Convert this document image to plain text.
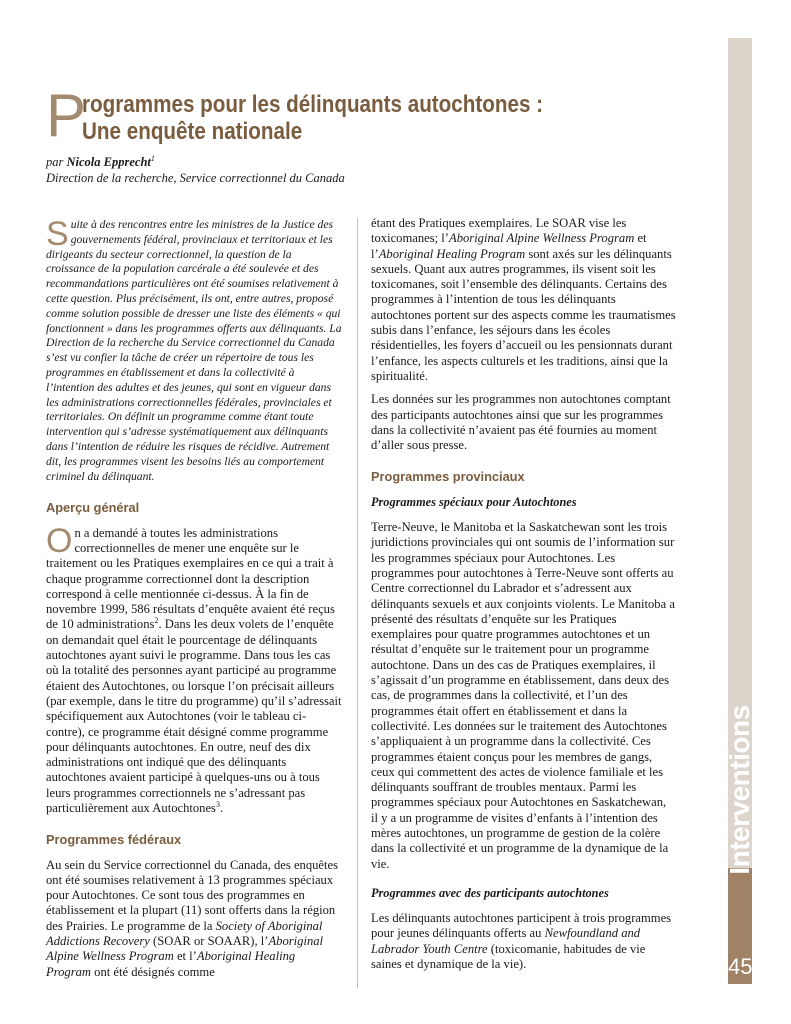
P
rogrammes pour les délinquants autochtones :
Une enquête nationale
par Nicola Epprecht$^1$
Direction de la recherche, Service correctionnel du Canada

Suite à des rencontres entre les ministres de la Justice des gouvernements fédéral, provinciaux et territoriaux et les dirigeants du secteur correctionnel, la question de la croissance de la population carcérale a été soulevée et des recommandations particulières ont été soumises relativement à cette question. Plus précisément, ils ont, entre autres, proposé comme solution possible de dresser une liste des éléments « qui fonctionnent » dans les programmes offerts aux délinquants. La Direction de la recherche du Service correctionnel du Canada s’est vu confier la tâche de créer un répertoire de tous les programmes en établissement et dans la collectivité à l’intention des adultes et des jeunes, qui sont en vigueur dans les administrations correctionnelles fédérales, provinciales et territoriales. On définit un programme comme étant toute intervention qui s’adresse systématiquement aux délinquants dans l’intention de réduire les risques de récidive. Autrement dit, les programmes visent les besoins liés au comportement criminel du délinquant.

Aperçu général

On a demandé à toutes les administrations correctionnelles de mener une enquête sur le traitement ou les Pratiques exemplaires en ce qui a trait à chaque programme correctionnel dont la description correspond à celle mentionnée ci-dessus. À la fin de novembre 1999, 586 résultats d’enquête avaient été reçus de 10 administrations$^2$. Dans les deux volets de l’enquête on demandait quel était le pourcentage de délinquants autochtones ayant suivi le programme. Dans tous les cas où la totalité des personnes ayant participé au programme étaient des Autochtones, ou lorsque l’on précisait ailleurs (par exemple, dans le titre du programme) qu’il s’adressait spécifiquement aux Autochtones (voir le tableau ci-contre), ce programme était désigné comme programme pour délinquants autochtones. En outre, neuf des dix administrations ont indiqué que des délinquants autochtones avaient participé à quelques-uns ou à tous leurs programmes correctionnels ne s’adressant pas particulièrement aux Autochtones$^3$.

Programmes fédéraux

Au sein du Service correctionnel du Canada, des enquêtes ont été soumises relativement à 13 programmes spéciaux pour Autochtones. Ce sont tous des programmes en établissement et la plupart (11) sont offerts dans la région des Prairies. Le programme de la Society of Aboriginal Addictions Recovery (SOAR or SOAAR), l’Aboriginal Alpine Wellness Program et l’Aboriginal Healing Program ont été désignés comme

étant des Pratiques exemplaires. Le SOAR vise les toxicomanes; l’Aboriginal Alpine Wellness Program et l’Aboriginal Healing Program sont axés sur les délinquants sexuels. Quant aux autres programmes, ils visent soit les toxicomanes, soit l’ensemble des délinquants. Certains des programmes à l’intention de tous les délinquants autochtones portent sur des aspects comme les traumatismes subis dans l’enfance, les séjours dans les écoles résidentielles, les foyers d’accueil ou les pensionnats durant l’enfance, les aspects culturels et les traditions, ainsi que la spiritualité.

Les données sur les programmes non autochtones comptant des participants autochtones ainsi que sur les programmes dans la collectivité n’avaient pas été fournies au moment d’aller sous presse.

Programmes provinciaux
Programmes spéciaux pour Autochtones

Terre-Neuve, le Manitoba et la Saskatchewan sont les trois juridictions provinciales qui ont soumis de l’information sur les programmes spéciaux pour Autochtones. Les programmes pour autochtones à Terre-Neuve sont offerts au Centre correctionnel du Labrador et s’adressent aux délinquants sexuels et aux conjoints violents. Le Manitoba a présenté des résultats d’enquête sur les Pratiques exemplaires pour quatre programmes autochtones et un résultat d’enquête sur le traitement pour un programme autochtone. Dans un des cas de Pratiques exemplaires, il s’agissait d’un programme en établissement, dans deux des cas, de programmes dans la collectivité, et l’un des programmes était offert en établissement et dans la collectivité. Les données sur le traitement des Autochtones s’appliquaient à un programme dans la collectivité. Ces programmes étaient conçus pour les membres de gangs, ceux qui commettent des actes de violence familiale et les délinquants souffrant de troubles mentaux. Parmi les programmes spéciaux pour Autochtones en Saskatchewan, il y a un programme de visites d’enfants à l’intention des mères autochtones, un programme de gestion de la colère dans la collectivité et un programme de la dynamique de la vie.

Programmes avec des participants autochtones

Les délinquants autochtones participent à trois programmes pour jeunes délinquants offerts au Newfoundland and Labrador Youth Centre (toxicomanie, habitudes de vie saines et dynamique de la vie).

Interventions
45
